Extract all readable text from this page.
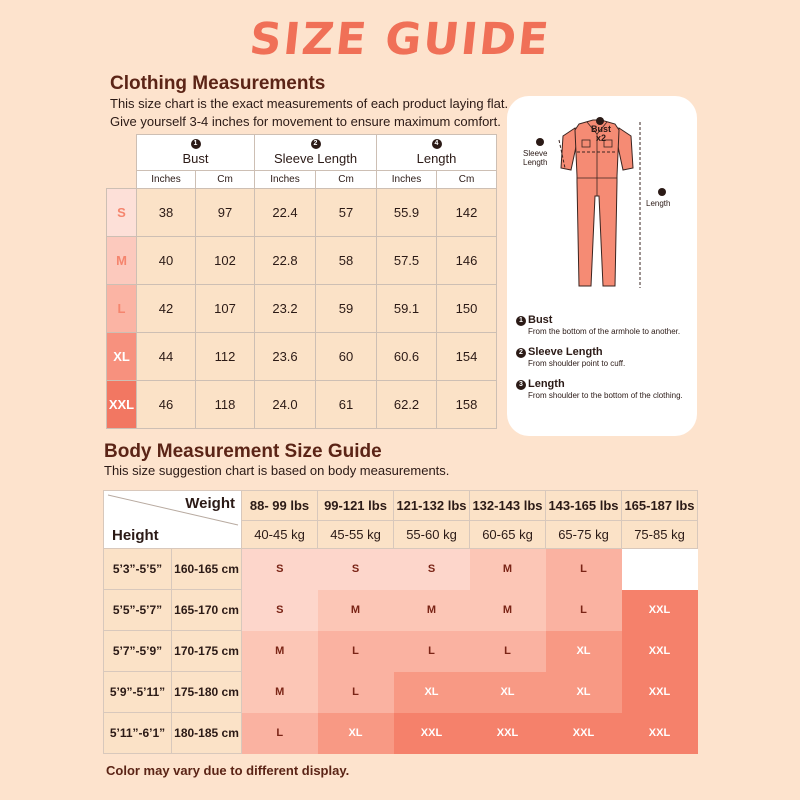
SIZE GUIDE
Clothing Measurements
This size chart is the exact measurements of each product laying flat.
Give yourself 3-4 inches for movement to ensure maximum comfort.

	1
Bust		2
Sleeve Length		4
Length	
	Inches	Cm	Inches	Cm	Inches	Cm
S	38	97	22.4	57	55.9	142
M	40	102	22.8	58	57.5	146
L	42	107	23.2	59	59.1	150
XL	44	112	23.6	60	60.6	154
XXL	46	118	24.0	61	62.2	158
Bust
x2
Sleeve
Length
Length
1 Bust
From the bottom of the armhole to another.
2 Sleeve Length
From shoulder point to cuff.
3 Length
From shoulder to the bottom of the clothing.
Body Measurement Size Guide
This size suggestion chart is based on body measurements.
Weight
Height		88- 99 lbs	99-121 lbs	121-132 lbs	132-143 lbs	143-165 lbs	165-187 lbs
		40-45 kg	45-55 kg	55-60 kg	60-65 kg	65-75 kg	75-85 kg
5’3”-5’5”	160-165 cm	S	S	S	M	L	
5’5”-5’7”	165-170 cm	S	M	M	M	L	XXL
5’7”-5’9”	170-175 cm	M	L	L	L	XL	XXL
5’9”-5’11”	175-180 cm	M	L	XL	XL	XL	XXL
5’11”-6’1”	180-185 cm	L	XL	XXL	XXL	XXL	XXL
Color may vary due to different display.
